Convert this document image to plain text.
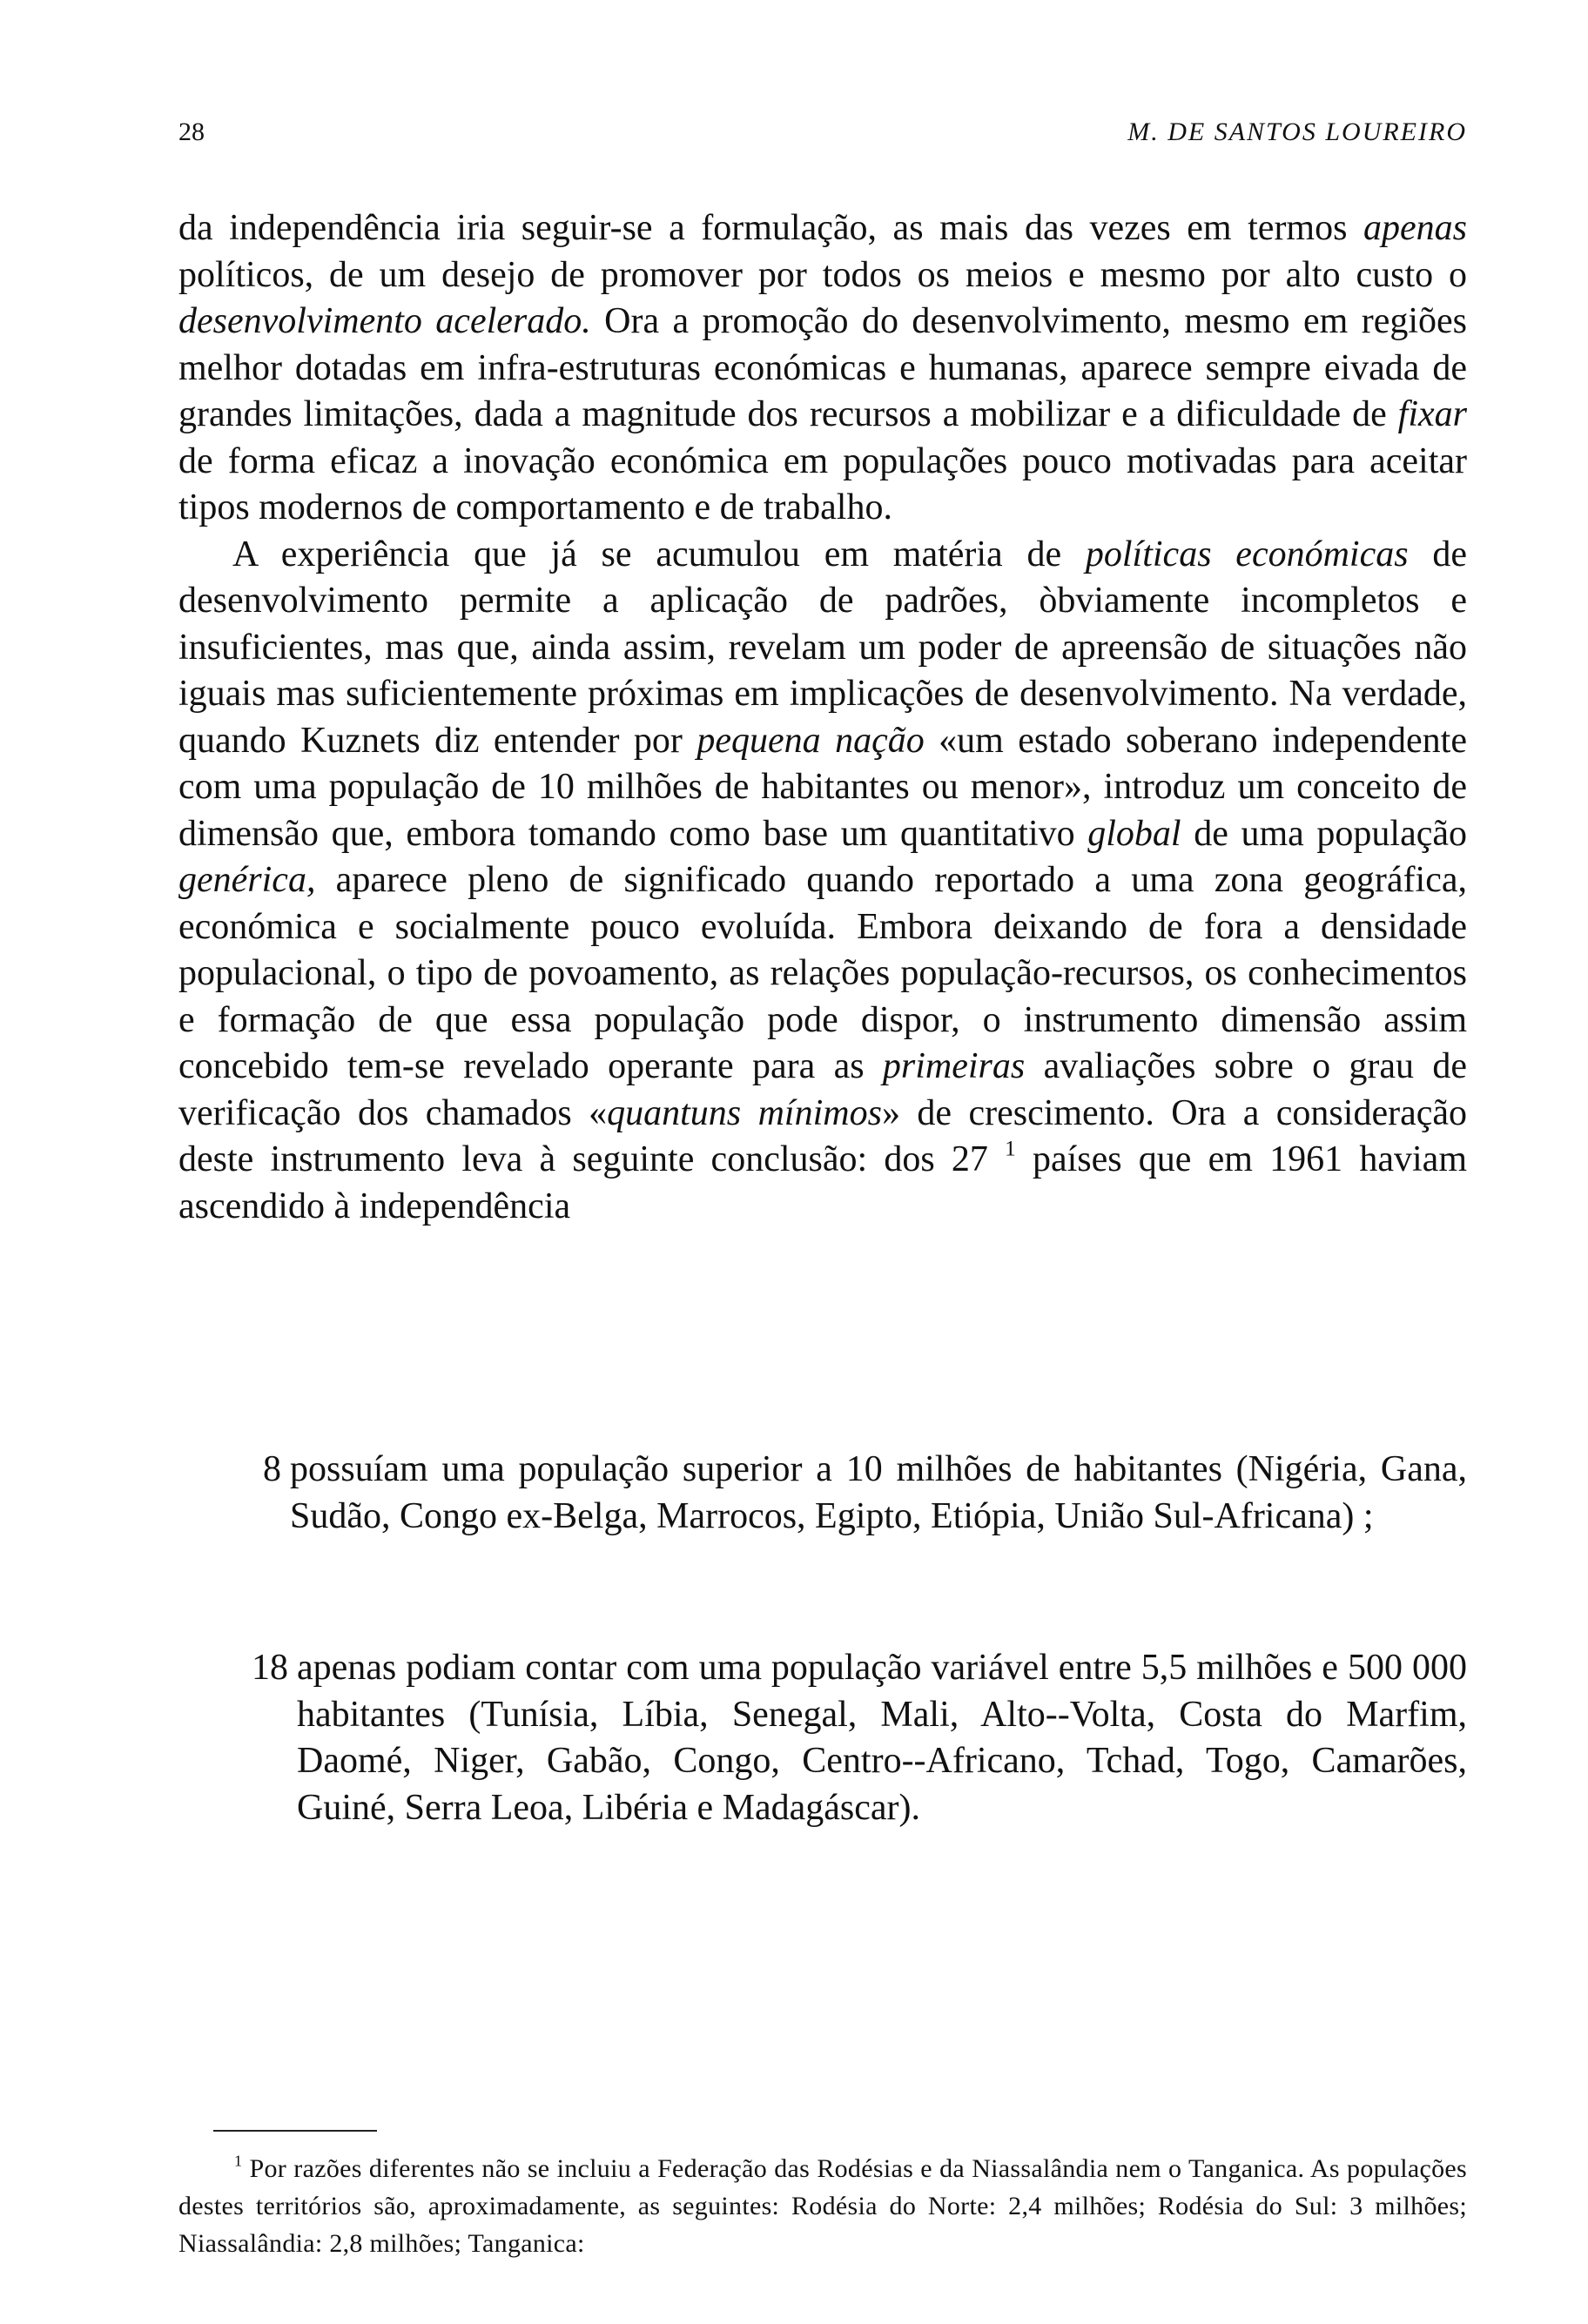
28	M. DE SANTOS LOUREIRO

da independência iria seguir-se a formulação, as mais das vezes em termos apenas políticos, de um desejo de promover por todos os meios e mesmo por alto custo o desenvolvimento acelerado. Ora a promoção do desenvolvimento, mesmo em regiões melhor dotadas em infra-estruturas económicas e humanas, aparece sempre eivada de grandes limitações, dada a magnitude dos recursos a mobilizar e a dificuldade de fixar de forma eficaz a inovação económica em populações pouco motivadas para aceitar tipos modernos de comportamento e de trabalho.

A experiência que já se acumulou em matéria de políticas económicas de desenvolvimento permite a aplicação de padrões, òbviamente incompletos e insuficientes, mas que, ainda assim, revelam um poder de apreensão de situações não iguais mas suficientemente próximas em implicações de desenvolvimento. Na verdade, quando Kuznets diz entender por pequena nação «um estado soberano independente com uma população de 10 milhões de habitantes ou menor», introduz um conceito de dimensão que, embora tomando como base um quantitativo global de uma população genérica, aparece pleno de significado quando reportado a uma zona geográfica, económica e socialmente pouco evoluída. Embora deixando de fora a densidade populacional, o tipo de povoamento, as relações população-recursos, os conhecimentos e formação de que essa população pode dispor, o instrumento dimensão assim concebido tem-se revelado operante para as primeiras avaliações sobre o grau de verificação dos chamados «quantuns mínimos» de crescimento. Ora a consideração deste instrumento leva à seguinte conclusão: dos 27 $^1$ países que em 1961 haviam ascendido à independência

8 possuíam uma população superior a 10 milhões de habitantes (Nigéria, Gana, Sudão, Congo ex-Belga, Marrocos, Egipto, Etiópia, União Sul-Africana) ;
18 apenas podiam contar com uma população variável entre 5,5 milhões e 500 000 habitantes (Tunísia, Líbia, Senegal, Mali, Alto--Volta, Costa do Marfim, Daomé, Niger, Gabão, Congo, Centro--Africano, Tchad, Togo, Camarões, Guiné, Serra Leoa, Libéria e Madagáscar).

$^1$ Por razões diferentes não se incluiu a Federação das Rodésias e da Niassalândia nem o Tanganica. As populações destes territórios são, aproximadamente, as seguintes: Rodésia do Norte: 2,4 milhões; Rodésia do Sul: 3 milhões; Niassalândia: 2,8 milhões; Tanganica:
